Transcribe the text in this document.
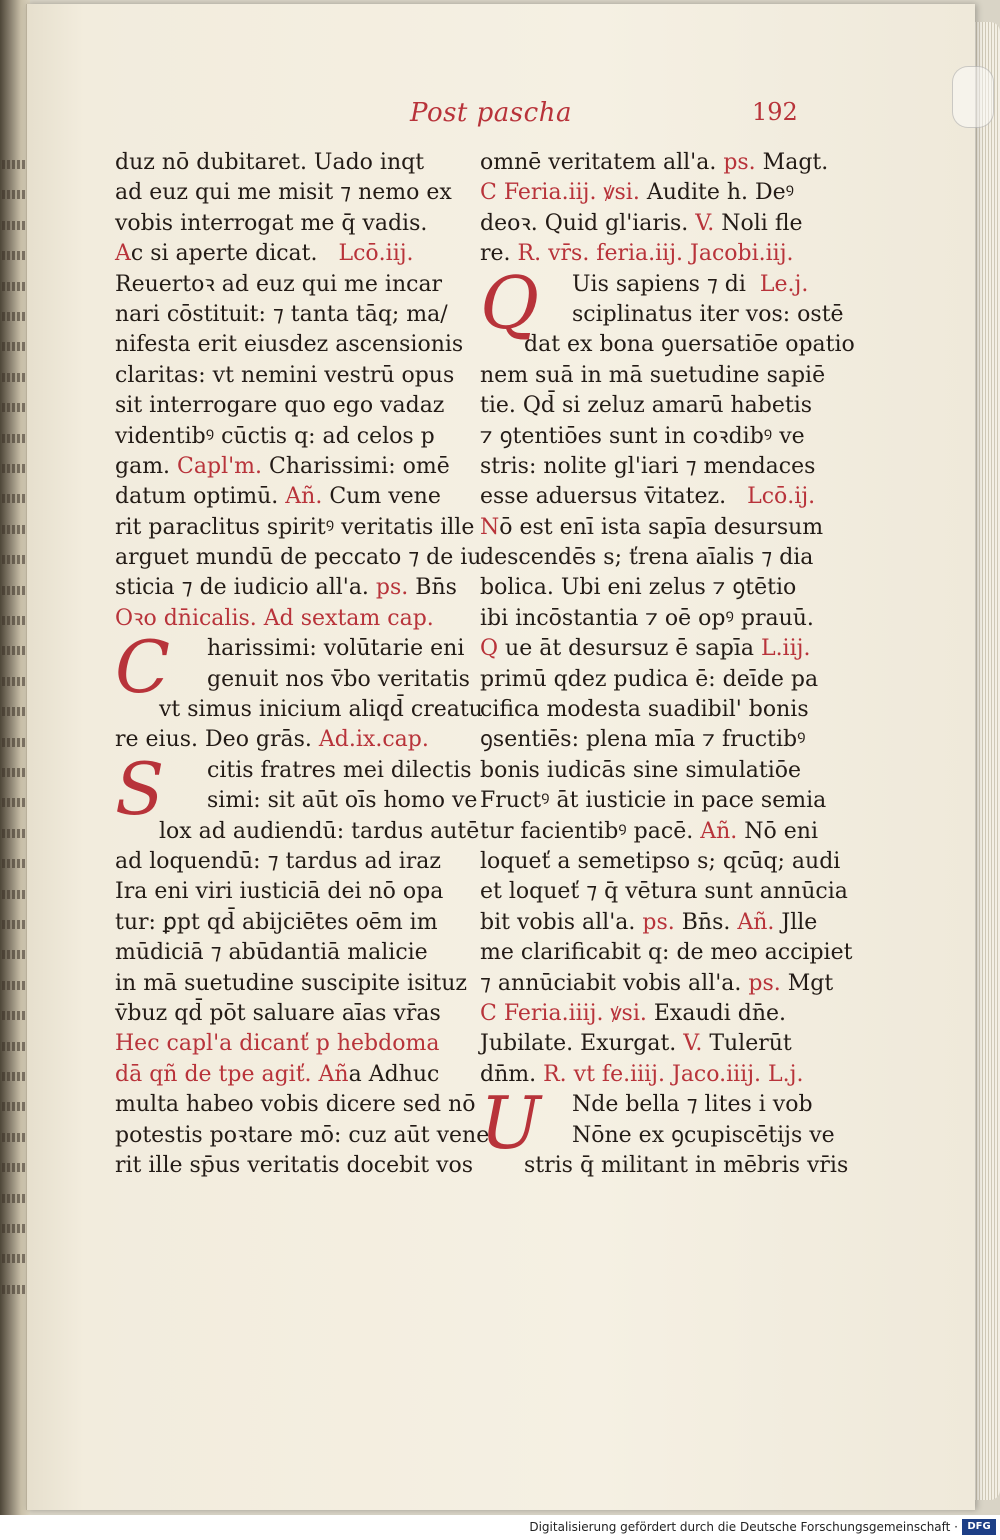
Post pascha	192
duz nō dubitaret. Uado inqt
ad euz qui me misit ⁊ nemo ex
vobis interrogat me q̄ vadis.
A c si aperte dicat. Lcō.iij.
Reuertoꝛ ad euz qui me incar
nari cōstituit: ⁊ tanta tāq; ma/
nifesta erit eiusdez ascensionis
claritas: vt nemini vestrū opus
sit interrogare quo ego vadaz
videntibꝰ cūctis q: ad celos p
gam. Capl'm. Charissimi: omē
datum optimū. Añ. Cum vene
rit paraclitus spiritꝰ veritatis ille
arguet mundū de peccato ⁊ de iu
sticia ⁊ de iudicio all'a. ps. Bn̄s
Oꝛo dn̄icalis. Ad sextam cap.
C harissimi: volūtarie eni
genuit nos v̄bo veritatis
vt simus inicium aliqd̄ creatu
re eius. Deo grās. Ad.ix.cap.
S citis fratres mei dilectis
simi: sit aūt oīs homo ve
lox ad audiendū: tardus autē
ad loquendū: ⁊ tardus ad iraz
Ira eni viri iusticiā dei nō opa
tur: ꝑpt qd̄ abijciētes oēm im
mūdiciā ⁊ abūdantiā malicie
in mā suetudine suscipite isituz
v̄buz qd̄ pōt saluare aīas vr̄as
Hec capl'a dicanť p hebdoma
dā qñ de tpe agiť. Añ a Adhuc
multa habeo vobis dicere sed nō
potestis poꝛtare mō: cuz aūt vene
rit ille sp̄us veritatis docebit vos
omnē veritatem all'a. ps. Magt.
C Feria.iij. ꝟsi. Audite h. Deꝰ
deoꝛ. Quid gl'iaris. V. Noli fle
re. R. vr̄s. feria.iij. Jacobi.iij.
Q Uis sapiens ⁊ di Le.j.
sciplinatus iter vos: ostē
dat ex bona ꝯuersatiōe opatio
nem suā in mā suetudine sapiē
tie. Qd̄ si zeluz amarū habetis
⁊ ꝯtentiōes sunt in coꝛdibꝰ ve
stris: nolite gl'iari ⁊ mendaces
esse aduersus v̄itatez. Lcō.ij.
N ō est enī ista sapīa desursum
descendēs s; ťrena aīalis ⁊ dia
bolica. Ubi eni zelus ⁊ ꝯtētio
ibi incōstantia ⁊ oē opꝰ prauū.
Q ue āt desursuz ē sapīa L.iij.
primū qdez pudica ē: deīde pa
cifica modesta suadibil' bonis
ꝯsentiēs: plena mīa ⁊ fructibꝰ
bonis iudicās sine simulatiōe
Fructꝰ āt iusticie in pace semia
tur facientibꝰ pacē. Añ. Nō eni
loqueť a semetipso s; qcūq; audi
et loqueť ⁊ q̄ vētura sunt annūcia
bit vobis all'a. ps. Bn̄s. Añ. Jlle
me clarificabit q: de meo accipiet
⁊ annūciabit vobis all'a. ps. Mgt
C Feria.iiij. ꝟsi. Exaudi dn̄e.
Jubilate. Exurgat. V. Tulerūt
dn̄m. R. vt fe.iiij. Jaco.iiij. L.j.
U Nde bella ⁊ lites i vob
Nōne ex ꝯcupiscētijs ve
stris q̄ militant in mēbris vr̄is
Digitalisierung gefördert durch die Deutsche Forschungsgemeinschaft · DFG
